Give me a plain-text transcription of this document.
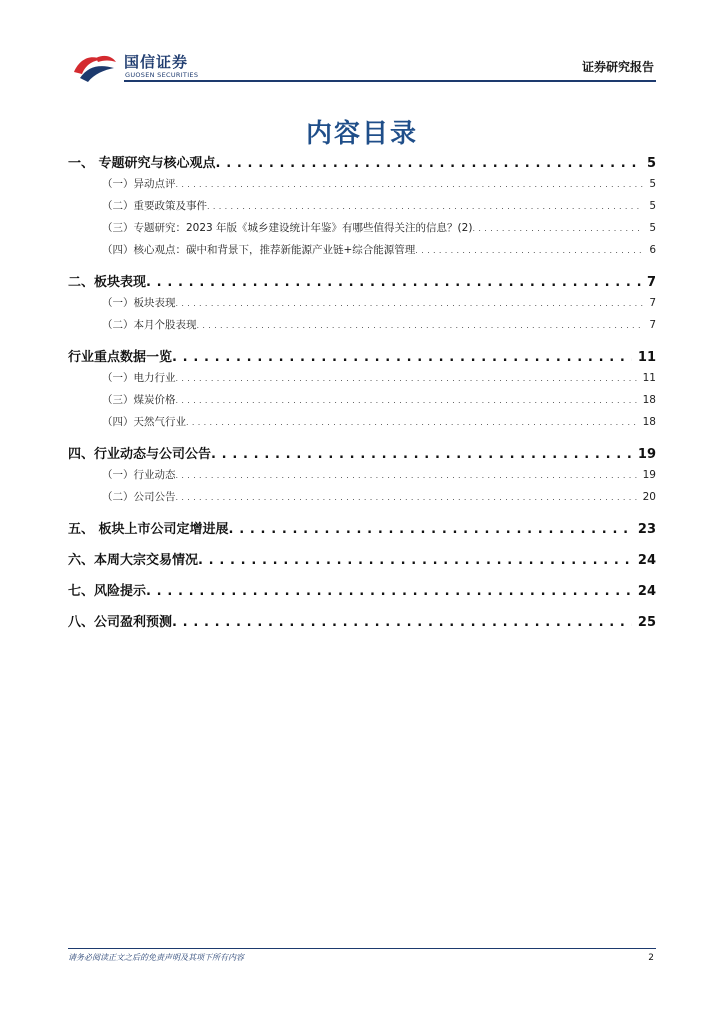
国信证券
GUOSEN SECURITIES
证券研究报告
内容目录
一、 专题研究与核心观点 . . .	5
（一）异动点评 . . .	5
（二）重要政策及事件 . . .	5
（三）专题研究：2023 年版《城乡建设统计年鉴》有哪些值得关注的信息？(2) . . .	5
（四）核心观点：碳中和背景下，推荐新能源产业链+综合能源管理 . . .	6
二、板块表现 . . .	7
（一）板块表现 . . .	7
（二）本月个股表现 . . .	7
行业重点数据一览 . . .	11
（一）电力行业 . . .	11
（三）煤炭价格 . . .	18
（四）天然气行业 . . .	18
四、行业动态与公司公告 . . .	19
（一）行业动态 . . .	19
（二）公司公告 . . .	20
五、 板块上市公司定增进展 . . .	23
六、本周大宗交易情况 . . .	24
七、风险提示 . . .	24
八、公司盈利预测 . . .	25
请务必阅读正文之后的免责声明及其项下所有内容	2
